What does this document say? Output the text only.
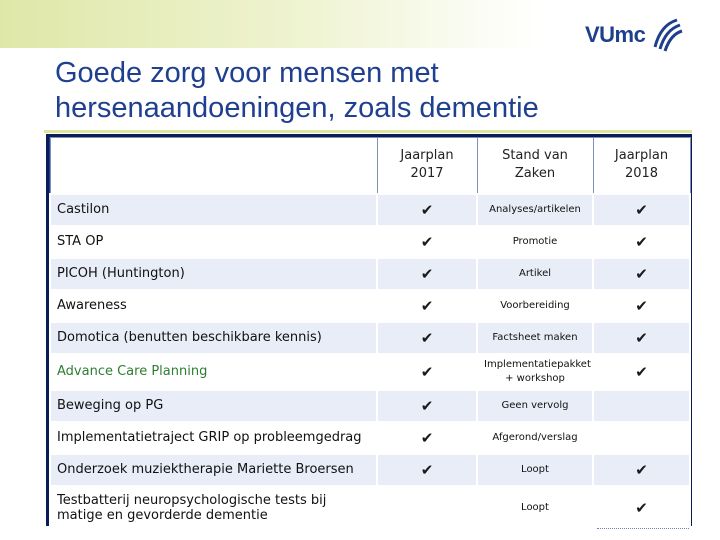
VUmc
Goede zorg voor mensen met hersenaandoeningen, zoals dementie
	Jaarplan 2017	Stand van Zaken	Jaarplan 2018
Castilon	✔	Analyses/artikelen	✔
STA OP	✔	Promotie	✔
PICOH (Huntington)	✔	Artikel	✔
Awareness	✔	Voorbereiding	✔
Domotica (benutten beschikbare kennis)	✔	Factsheet maken	✔
Advance Care Planning	✔	Implementatiepakket + workshop	✔
Beweging op PG	✔	Geen vervolg	
Implementatietraject GRIP op probleemgedrag	✔	Afgerond/verslag	
Onderzoek muziektherapie Mariette Broersen	✔	Loopt	✔
Testbatterij neuropsychologische tests bij matige en gevorderde dementie		Loopt	✔
